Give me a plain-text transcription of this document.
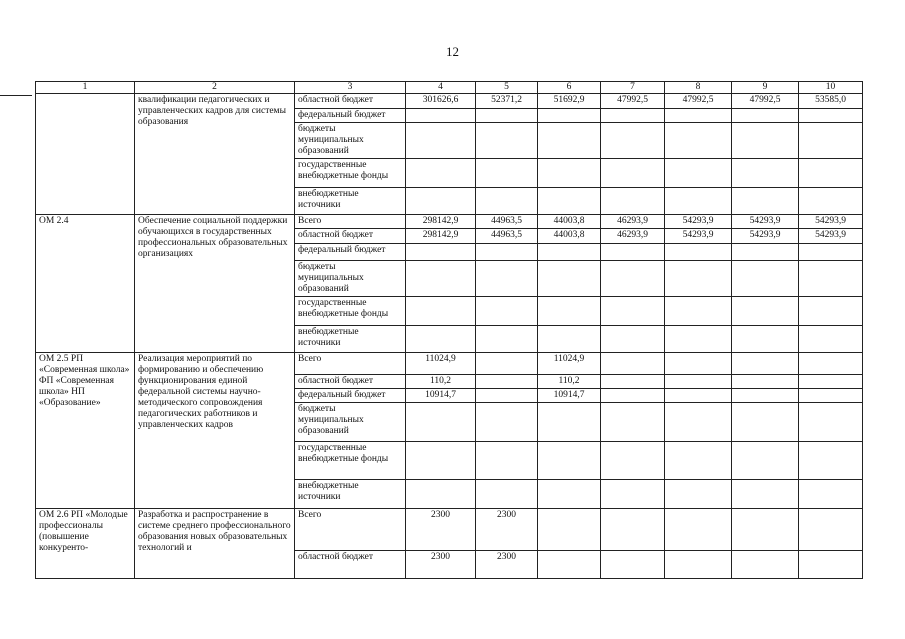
12
1	2	3	4	5	6	7	8	9	10
	квалификации педагогических и управленческих кадров для системы образования	областной бюджет	301626,6	52371,2	51692,9	47992,5	47992,5	47992,5	53585,0
		федеральный бюджет							
		бюджеты муниципальных образований							
		государственные внебюджетные фонды							
		внебюджетные источники							
ОМ 2.4	Обеспечение социальной поддержки обучающихся в государственных профессиональных образовательных организациях	Всего	298142,9	44963,5	44003,8	46293,9	54293,9	54293,9	54293,9
		областной бюджет	298142,9	44963,5	44003,8	46293,9	54293,9	54293,9	54293,9
		федеральный бюджет							
		бюджеты муниципальных образований							
		государственные внебюджетные фонды							
		внебюджетные источники							
ОМ 2.5 РП «Современная школа» ФП «Современная школа» НП «Образование»	Реализация мероприятий по формированию и обеспечению функционирования единой федеральной системы научно-методического сопровождения педагогических работников и управленческих кадров	Всего	11024,9		11024,9				
		областной бюджет	110,2		110,2				
		федеральный бюджет	10914,7		10914,7				
		бюджеты муниципальных образований							
		государственные внебюджетные фонды							
		внебюджетные источники							
ОМ 2.6 РП «Молодые профессионалы (повышение конкуренто-	Разработка и распространение в системе среднего профессионального образования новых образовательных технологий и	Всего	2300	2300					
		областной бюджет	2300	2300					
